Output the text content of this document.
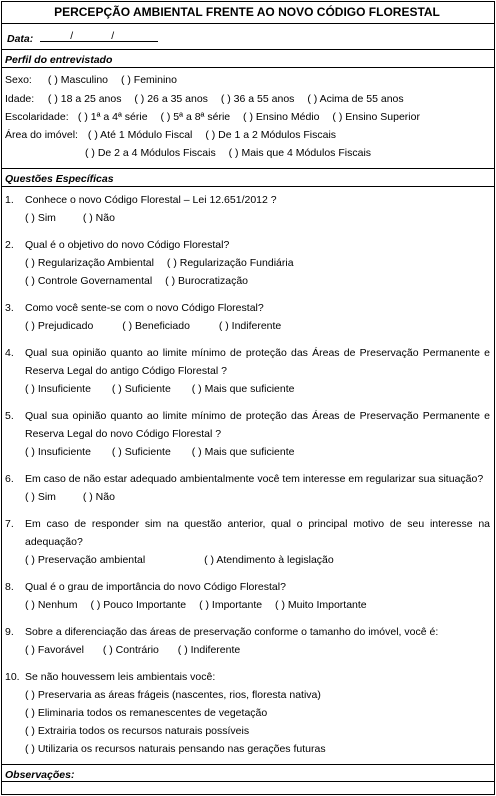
PERCEPÇÃO AMBIENTAL FRENTE AO NOVO CÓDIGO FLORESTAL
Data:	/	/
Perfil do entrevistado
Sexo: ( ) Masculino ( ) Feminino
Idade: ( ) 18 a 25 anos ( ) 26 a 35 anos ( ) 36 a 55 anos ( ) Acima de 55 anos
Escolaridade: ( ) 1ª a 4ª série ( ) 5ª a 8ª série ( ) Ensino Médio ( ) Ensino Superior
Área do imóvel: ( ) Até 1 Módulo Fiscal ( ) De 1 a 2 Módulos Fiscais
( ) De 2 a 4 Módulos Fiscais ( ) Mais que 4 Módulos Fiscais
Questões Específicas
1. Conhece o novo Código Florestal – Lei 12.651/2012 ?
( ) Sim	( ) Não
2. Qual é o objetivo do novo Código Florestal?
( ) Regularização Ambiental ( ) Regularização Fundiária
( ) Controle Governamental ( ) Burocratização
3. Como você sente-se com o novo Código Florestal?
( ) Prejudicado	( ) Beneficiado	( ) Indiferente
4. Qual sua opinião quanto ao limite mínimo de proteção das Áreas de Preservação Permanente e
Reserva Legal do antigo Código Florestal ?
( ) Insuficiente ( ) Suficiente ( ) Mais que suficiente
5. Qual sua opinião quanto ao limite mínimo de proteção das Áreas de Preservação Permanente e
Reserva Legal do novo Código Florestal ?
( ) Insuficiente ( ) Suficiente ( ) Mais que suficiente
6. Em caso de não estar adequado ambientalmente você tem interesse em regularizar sua situação?
( ) Sim	( ) Não
7. Em caso de responder sim na questão anterior, qual o principal motivo de seu interesse na
adequação?
( ) Preservação ambiental	( ) Atendimento à legislação
8. Qual é o grau de importância do novo Código Florestal?
( ) Nenhum ( ) Pouco Importante ( ) Importante ( ) Muito Importante
9. Sobre a diferenciação das áreas de preservação conforme o tamanho do imóvel, você é:
( ) Favorável ( ) Contrário ( ) Indiferente
10. Se não houvessem leis ambientais você:
( ) Preservaria as áreas frágeis (nascentes, rios, floresta nativa)
( ) Eliminaria todos os remanescentes de vegetação
( ) Extrairia todos os recursos naturais possíveis
( ) Utilizaria os recursos naturais pensando nas gerações futuras
Observações:
